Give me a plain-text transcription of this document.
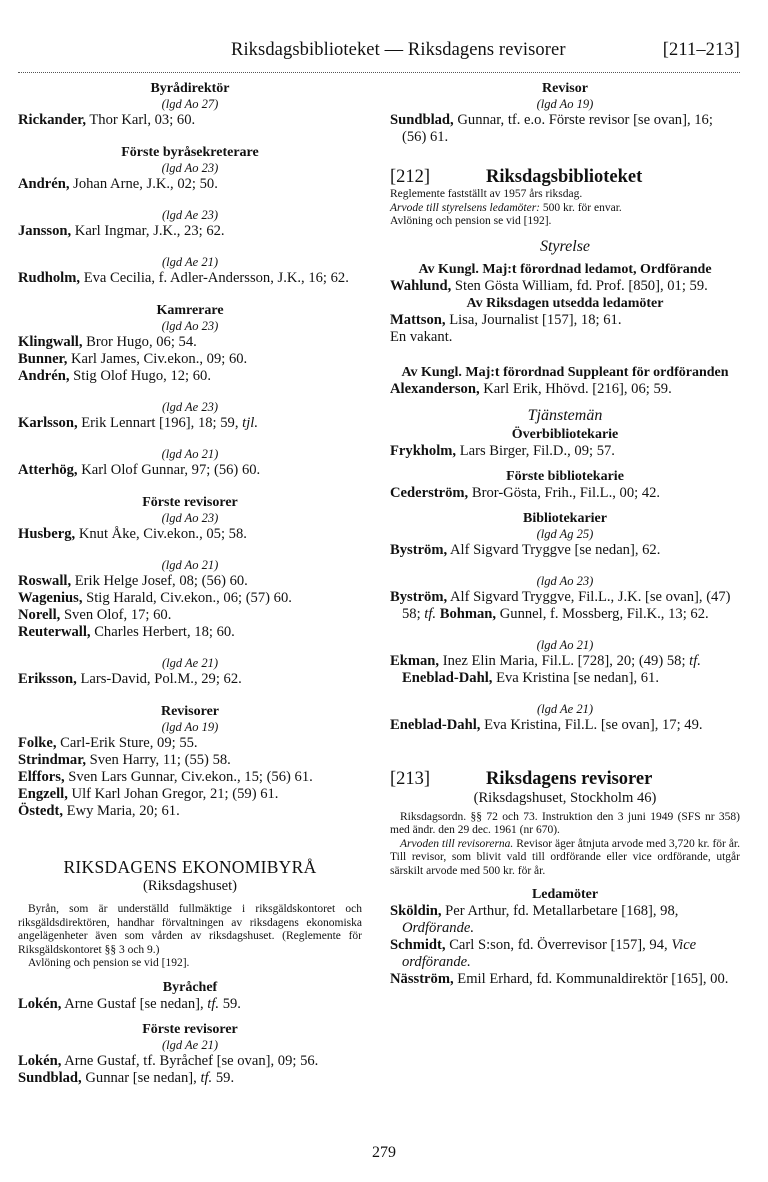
Riksdagsbiblioteket — Riksdagens revisorer	[211–213]
Byrådirektör
(lgd Ao 27)

Rickander, Thor Karl, 03; 60.

Förste byråsekreterare
(lgd Ao 23)

Andrén, Johan Arne, J.K., 02; 50.

(lgd Ae 23)

Jansson, Karl Ingmar, J.K., 23; 62.

(lgd Ae 21)

Rudholm, Eva Cecilia, f. Adler-Andersson, J.K., 16; 62.

Kamrerare
(lgd Ao 23)

Klingwall, Bror Hugo, 06; 54.

Bunner, Karl James, Civ.ekon., 09; 60.

Andrén, Stig Olof Hugo, 12; 60.

(lgd Ae 23)

Karlsson, Erik Lennart [196], 18; 59, tjl.

(lgd Ao 21)

Atterhög, Karl Olof Gunnar, 97; (56) 60.

Förste revisorer
(lgd Ao 23)

Husberg, Knut Åke, Civ.ekon., 05; 58.

(lgd Ao 21)

Roswall, Erik Helge Josef, 08; (56) 60.

Wagenius, Stig Harald, Civ.ekon., 06; (57) 60.

Norell, Sven Olof, 17; 60.

Reuterwall, Charles Herbert, 18; 60.

(lgd Ae 21)

Eriksson, Lars-David, Pol.M., 29; 62.

Revisorer
(lgd Ao 19)

Folke, Carl-Erik Sture, 09; 55.

Strindmar, Sven Harry, 11; (55) 58.

Elffors, Sven Lars Gunnar, Civ.ekon., 15; (56) 61.

Engzell, Ulf Karl Johan Gregor, 21; (59) 61.

Östedt, Ewy Maria, 20; 61.

RIKSDAGENS EKONOMIBYRÅ
(Riksdagshuset)
Byrån, som är underställd fullmäktige i riksgäldskontoret och riksgäldsdirektören, handhar förvaltningen av riksdagens ekonomiska angelägenheter även som vården av riksdagshuset. (Reglemente för Riksgäldskontoret §§ 3 och 9.)
Avlöning och pension se vid [192].
Byråchef

Lokén, Arne Gustaf [se nedan], tf. 59.

Förste revisorer
(lgd Ae 21)

Lokén, Arne Gustaf, tf. Byråchef [se ovan], 09; 56.

Sundblad, Gunnar [se nedan], tf. 59.

Revisor
(lgd Ao 19)

Sundblad, Gunnar, tf. e.o. Förste revisor [se ovan], 16; (56) 61.

[212]	Riksdagsbiblioteket
Reglemente fastställt av 1957 års riksdag.
Arvode till styrelsens ledamöter: 500 kr. för envar.
Avlöning och pension se vid [192].
Styrelse
Av Kungl. Maj:t förordnad ledamot, Ordförande

Wahlund, Sten Gösta William, fd. Prof. [850], 01; 59.

Av Riksdagen utsedda ledamöter

Mattson, Lisa, Journalist [157], 18; 61.

En vakant.

Av Kungl. Maj:t förordnad Suppleant för ordföranden

Alexanderson, Karl Erik, Hhövd. [216], 06; 59.

Tjänstemän
Överbibliotekarie

Frykholm, Lars Birger, Fil.D., 09; 57.

Förste bibliotekarie

Cederström, Bror-Gösta, Frih., Fil.L., 00; 42.

Bibliotekarier
(lgd Ag 25)

Byström, Alf Sigvard Tryggve [se nedan], 62.

(lgd Ao 23)

Byström, Alf Sigvard Tryggve, Fil.L., J.K. [se ovan], (47) 58; tf. Bohman, Gunnel, f. Mossberg, Fil.K., 13; 62.

(lgd Ao 21)

Ekman, Inez Elin Maria, Fil.L. [728], 20; (49) 58; tf. Eneblad-Dahl, Eva Kristina [se nedan], 61.

(lgd Ae 21)

Eneblad-Dahl, Eva Kristina, Fil.L. [se ovan], 17; 49.

[213]	Riksdagens revisorer
(Riksdagshuset, Stockholm 46)
Riksdagsordn. §§ 72 och 73. Instruktion den 3 juni 1949 (SFS nr 358) med ändr. den 29 dec. 1961 (nr 670).
Arvoden till revisorerna. Revisor äger åtnjuta arvode med 3,720 kr. för år. Till revisor, som blivit vald till ordförande eller vice ordförande, utgår särskilt arvode med 500 kr. för år.
Ledamöter

Sköldin, Per Arthur, fd. Metallarbetare [168], 98, Ordförande.

Schmidt, Carl S:son, fd. Överrevisor [157], 94, Vice ordförande.

Näsström, Emil Erhard, fd. Kommunaldirektör [165], 00.

279
